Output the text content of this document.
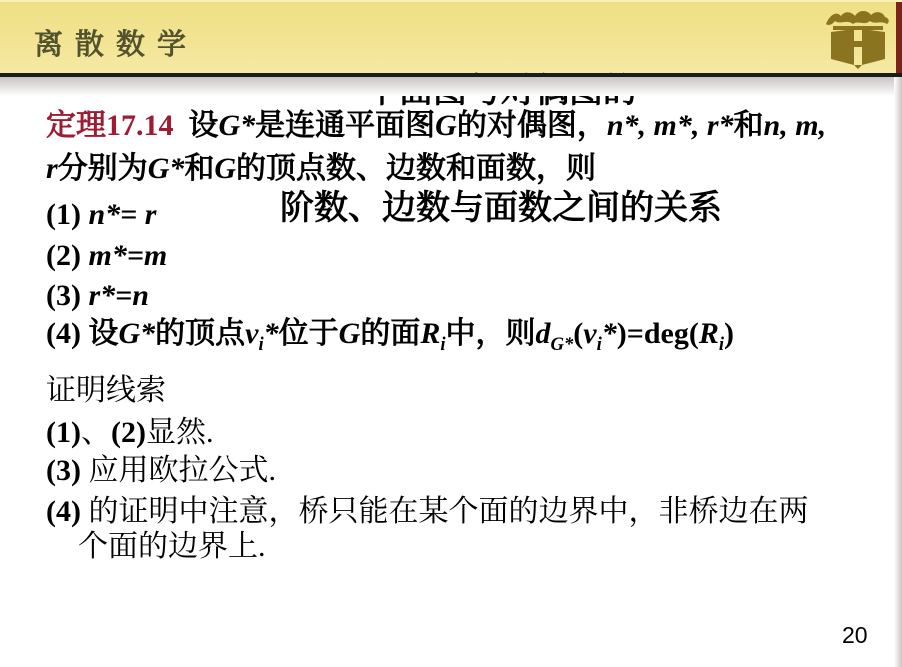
离散数学

阶数、边数与面数之间的关系

定理17.14  设G*是连通平面图G的对偶图，n*, m*, r*和n, m,
r分别为G*和G的顶点数、边数和面数，则
(1) n*= r
(2) m*=m
(3) r*=n
(4) 设G*的顶点$v_i*$位于G的面$R_i$中，则$d_{G*}(v_i*)=deg(R_i)$
证明线索
(1)、(2)显然.
(3) 应用欧拉公式.
(4) 的证明中注意，桥只能在某个面的边界中，非桥边在两
个面的边界上.
20
